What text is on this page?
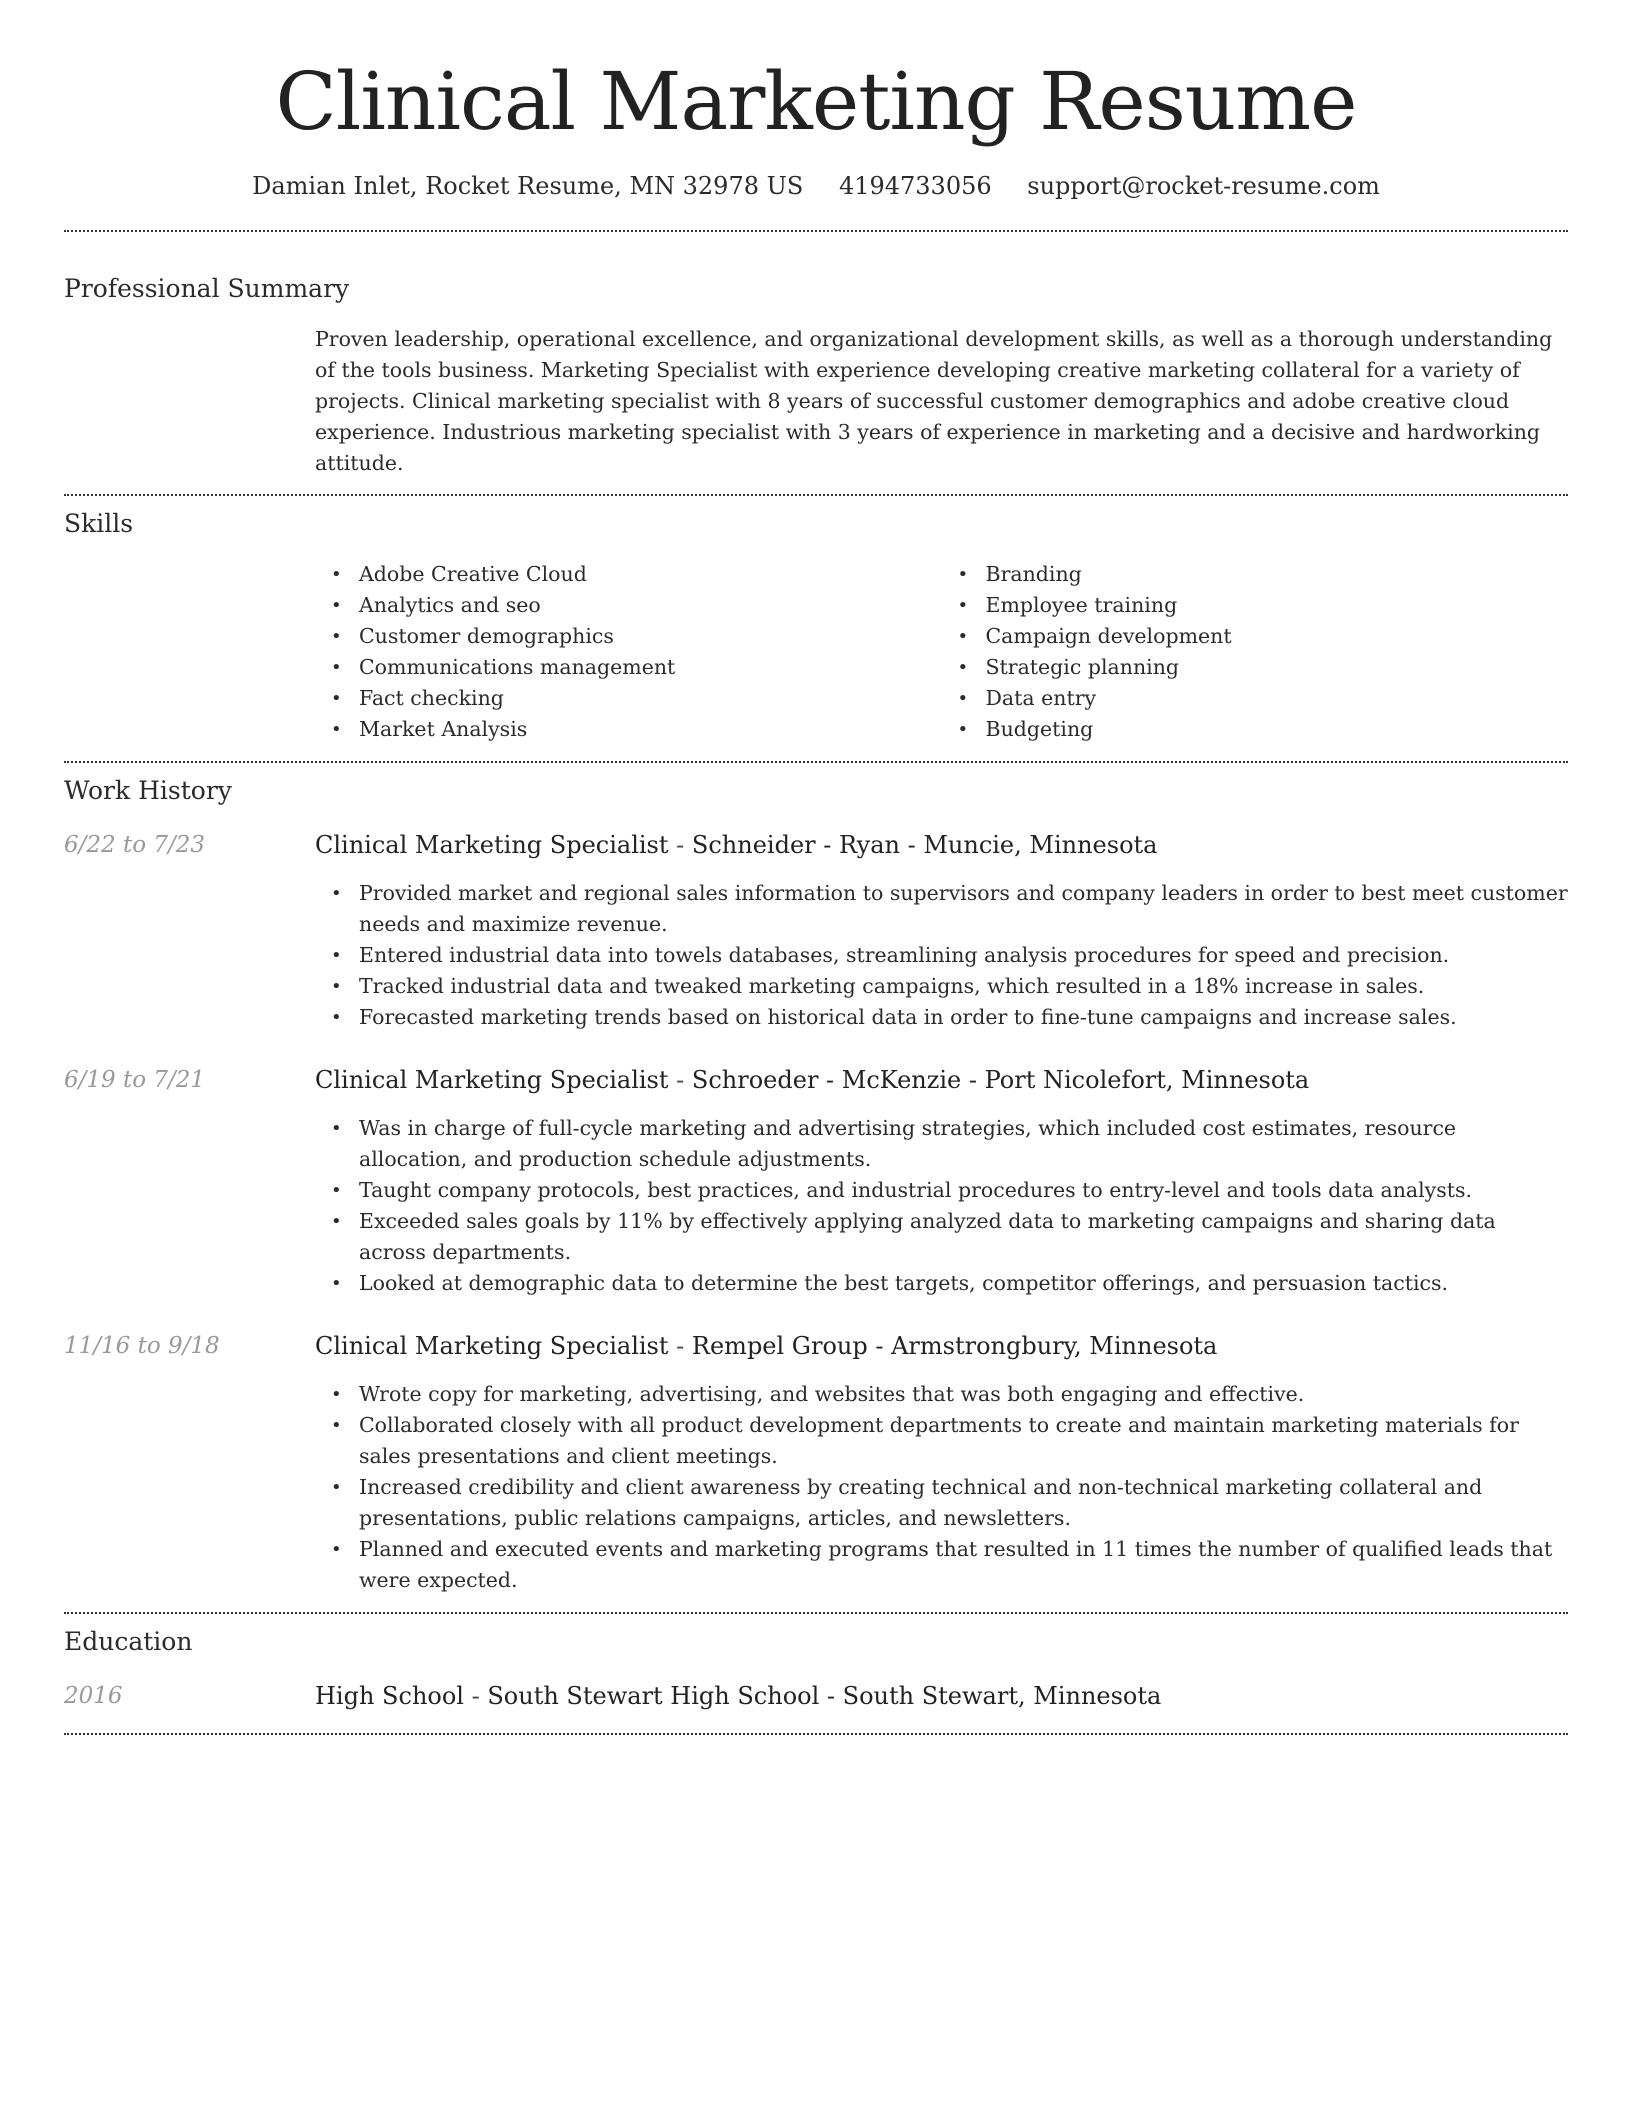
Clinical Marketing Resume
Damian Inlet, Rocket Resume, MN 32978 US 4194733056 support@rocket-resume.com
Professional Summary

Proven leadership, operational excellence, and organizational development skills, as well as a thorough understanding of the tools business. Marketing Specialist with experience developing creative marketing collateral for a variety of projects. Clinical marketing specialist with 8 years of successful customer demographics and adobe creative cloud experience. Industrious marketing specialist with 3 years of experience in marketing and a decisive and hardworking attitude.

Skills
• Adobe Creative Cloud
• Analytics and seo
• Customer demographics
• Communications management
• Fact checking
• Market Analysis
• Branding
• Employee training
• Campaign development
• Strategic planning
• Data entry
• Budgeting
Work History
6/22 to 7/23	Clinical Marketing Specialist - Schneider - Ryan - Muncie, Minnesota

• Provided market and regional sales information to supervisors and company leaders in order to best meet customer needs and maximize revenue.
• Entered industrial data into towels databases, streamlining analysis procedures for speed and precision.
• Tracked industrial data and tweaked marketing campaigns, which resulted in a 18% increase in sales.
• Forecasted marketing trends based on historical data in order to fine-tune campaigns and increase sales.
6/19 to 7/21	Clinical Marketing Specialist - Schroeder - McKenzie - Port Nicolefort, Minnesota

• Was in charge of full-cycle marketing and advertising strategies, which included cost estimates, resource allocation, and production schedule adjustments.
• Taught company protocols, best practices, and industrial procedures to entry-level and tools data analysts.
• Exceeded sales goals by 11% by effectively applying analyzed data to marketing campaigns and sharing data across departments.
• Looked at demographic data to determine the best targets, competitor offerings, and persuasion tactics.
11/16 to 9/18	Clinical Marketing Specialist - Rempel Group - Armstrongbury, Minnesota

• Wrote copy for marketing, advertising, and websites that was both engaging and effective.
• Collaborated closely with all product development departments to create and maintain marketing materials for sales presentations and client meetings.
• Increased credibility and client awareness by creating technical and non-technical marketing collateral and presentations, public relations campaigns, articles, and newsletters.
• Planned and executed events and marketing programs that resulted in 11 times the number of qualified leads that were expected.
Education
2016	High School - South Stewart High School - South Stewart, Minnesota
